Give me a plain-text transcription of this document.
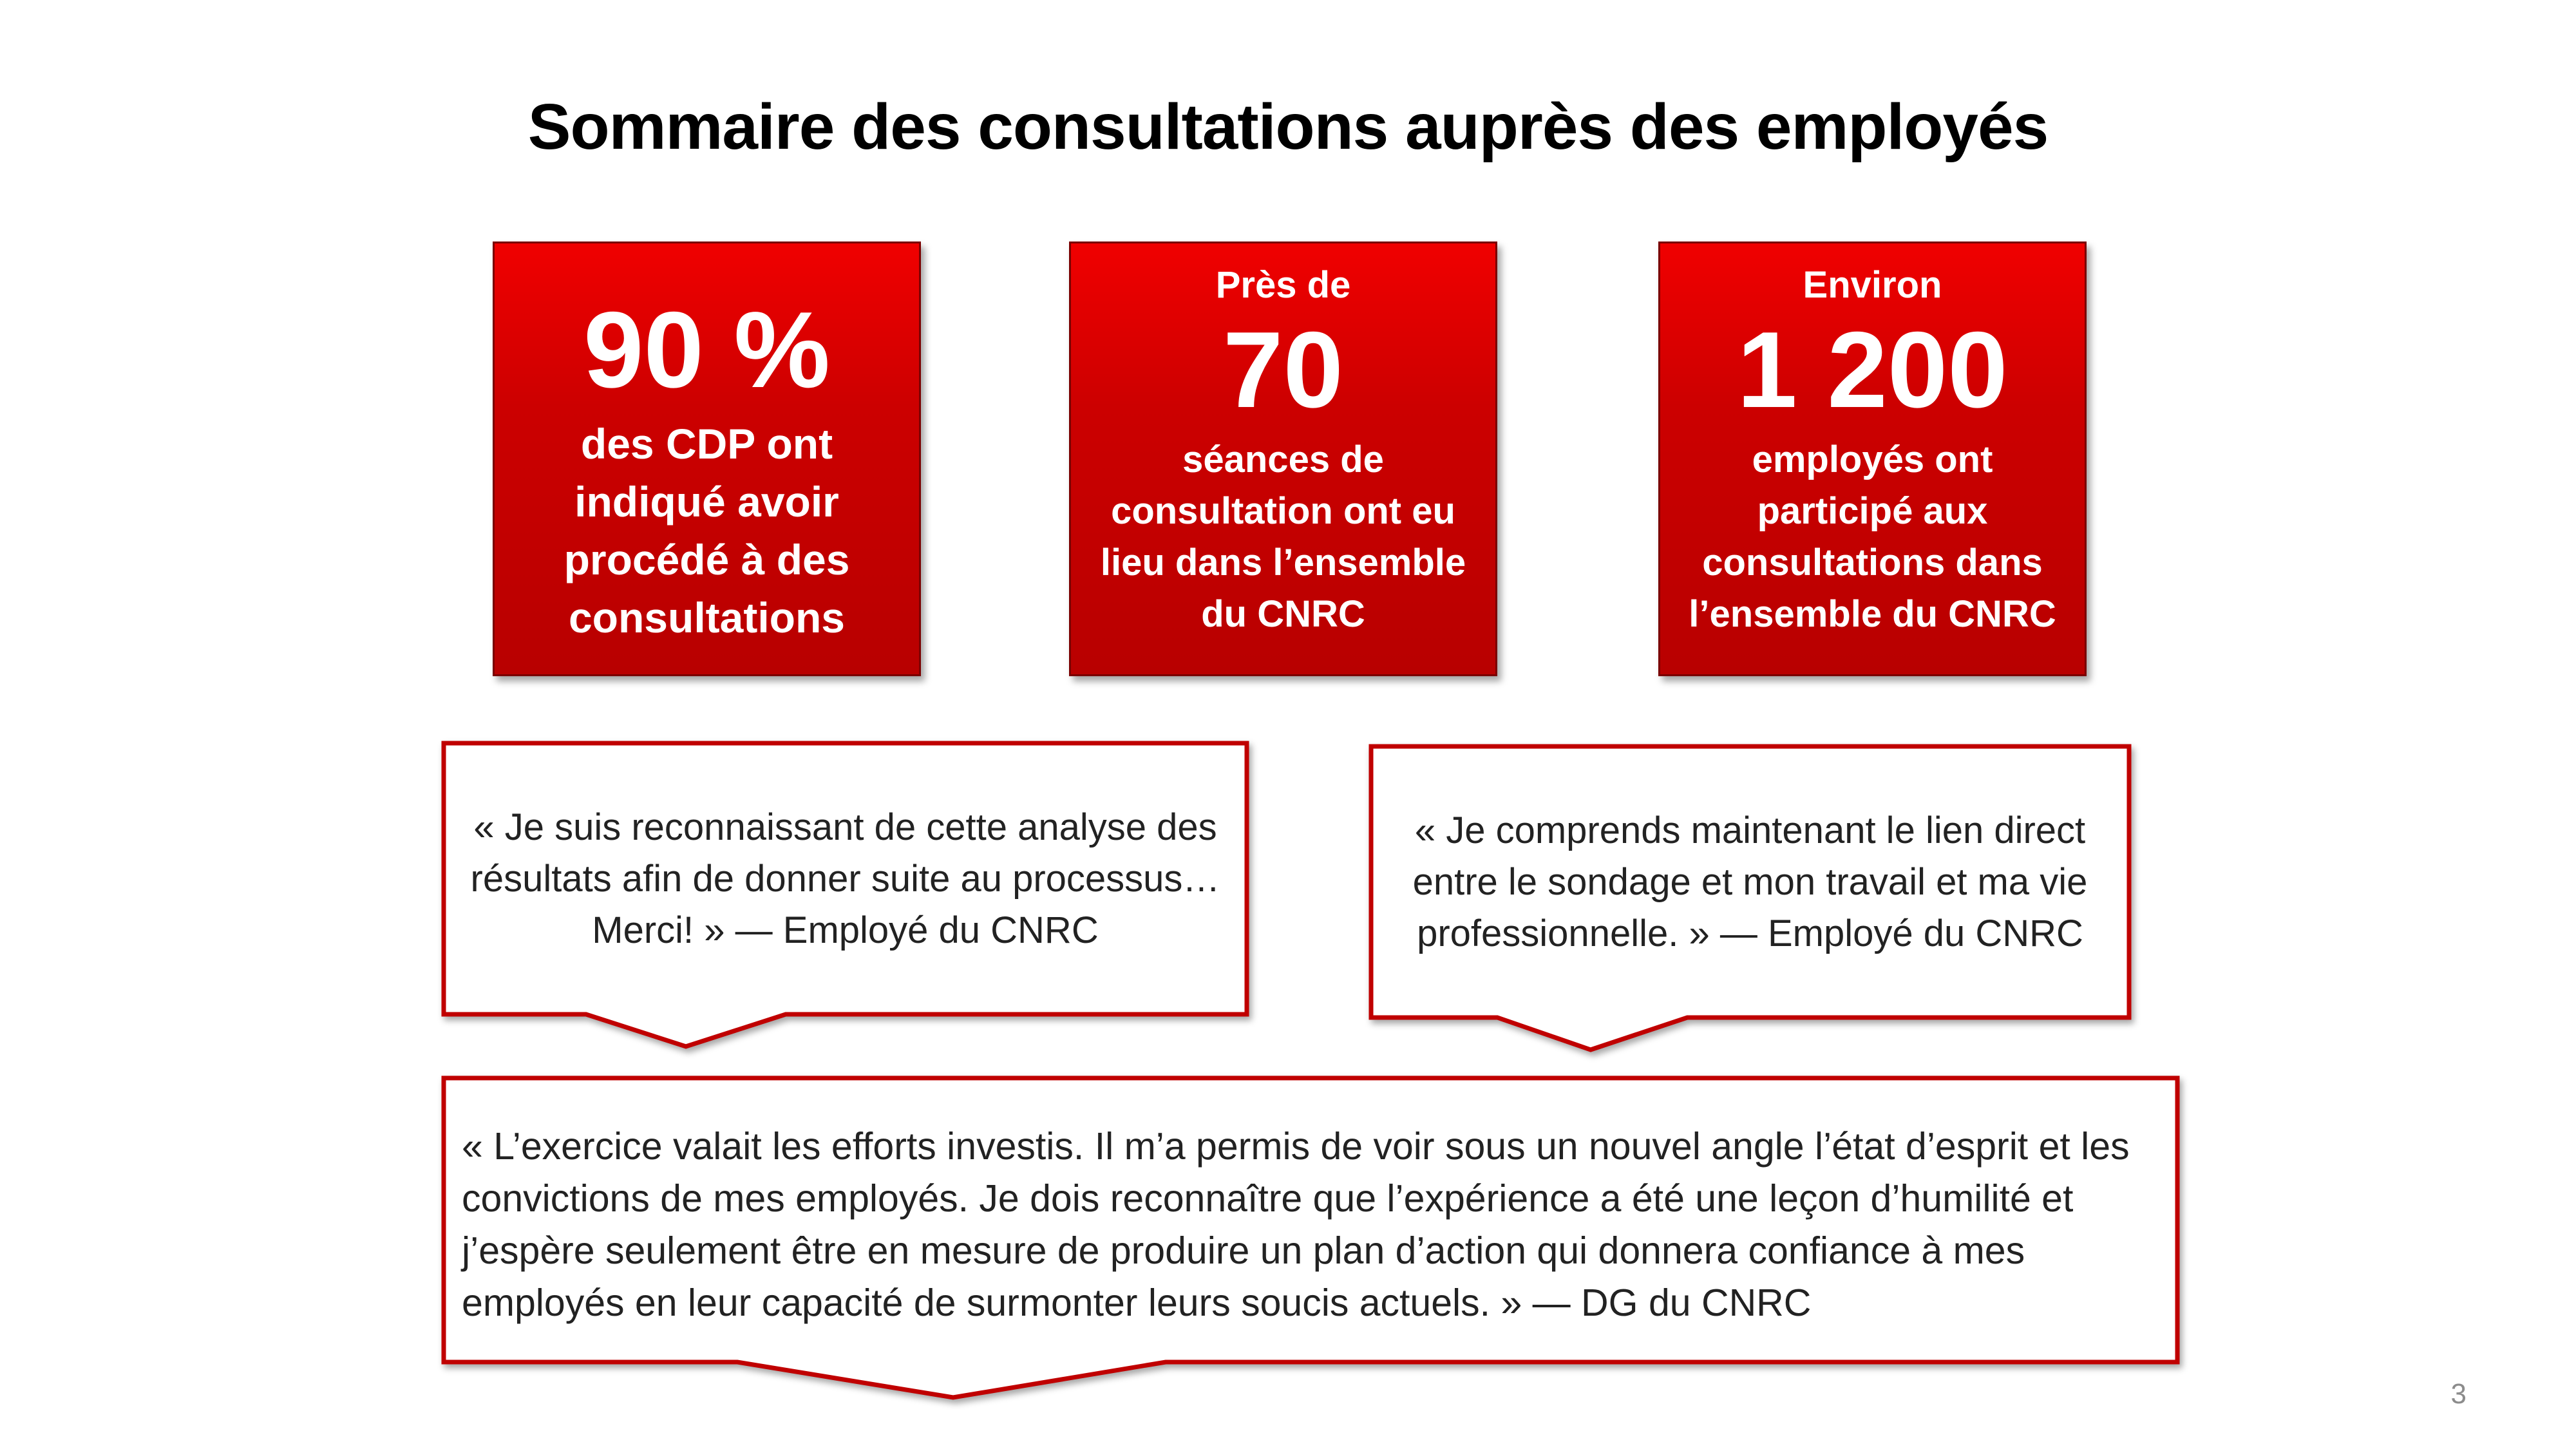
Sommaire des consultations auprès des employés
90 %
des CDP ont indiqué avoir procédé à des consultations
Près de
70
séances de consultation ont eu lieu dans l’ensemble du CNRC
Environ
1 200
employés ont participé aux consultations dans l’ensemble du CNRC
« Je suis reconnaissant de cette analyse des résultats afin de donner suite au processus… Merci! » — Employé du CNRC
« Je comprends maintenant le lien direct entre le sondage et mon travail et ma vie professionnelle. » — Employé du CNRC
« L’exercice valait les efforts investis. Il m’a permis de voir sous un nouvel angle l’état d’esprit et les convictions de mes employés. Je dois reconnaître que l’expérience a été une leçon d’humilité et j’espère seulement être en mesure de produire un plan d’action qui donnera confiance à mes employés en leur capacité de surmonter leurs soucis actuels. » — DG du CNRC
3
